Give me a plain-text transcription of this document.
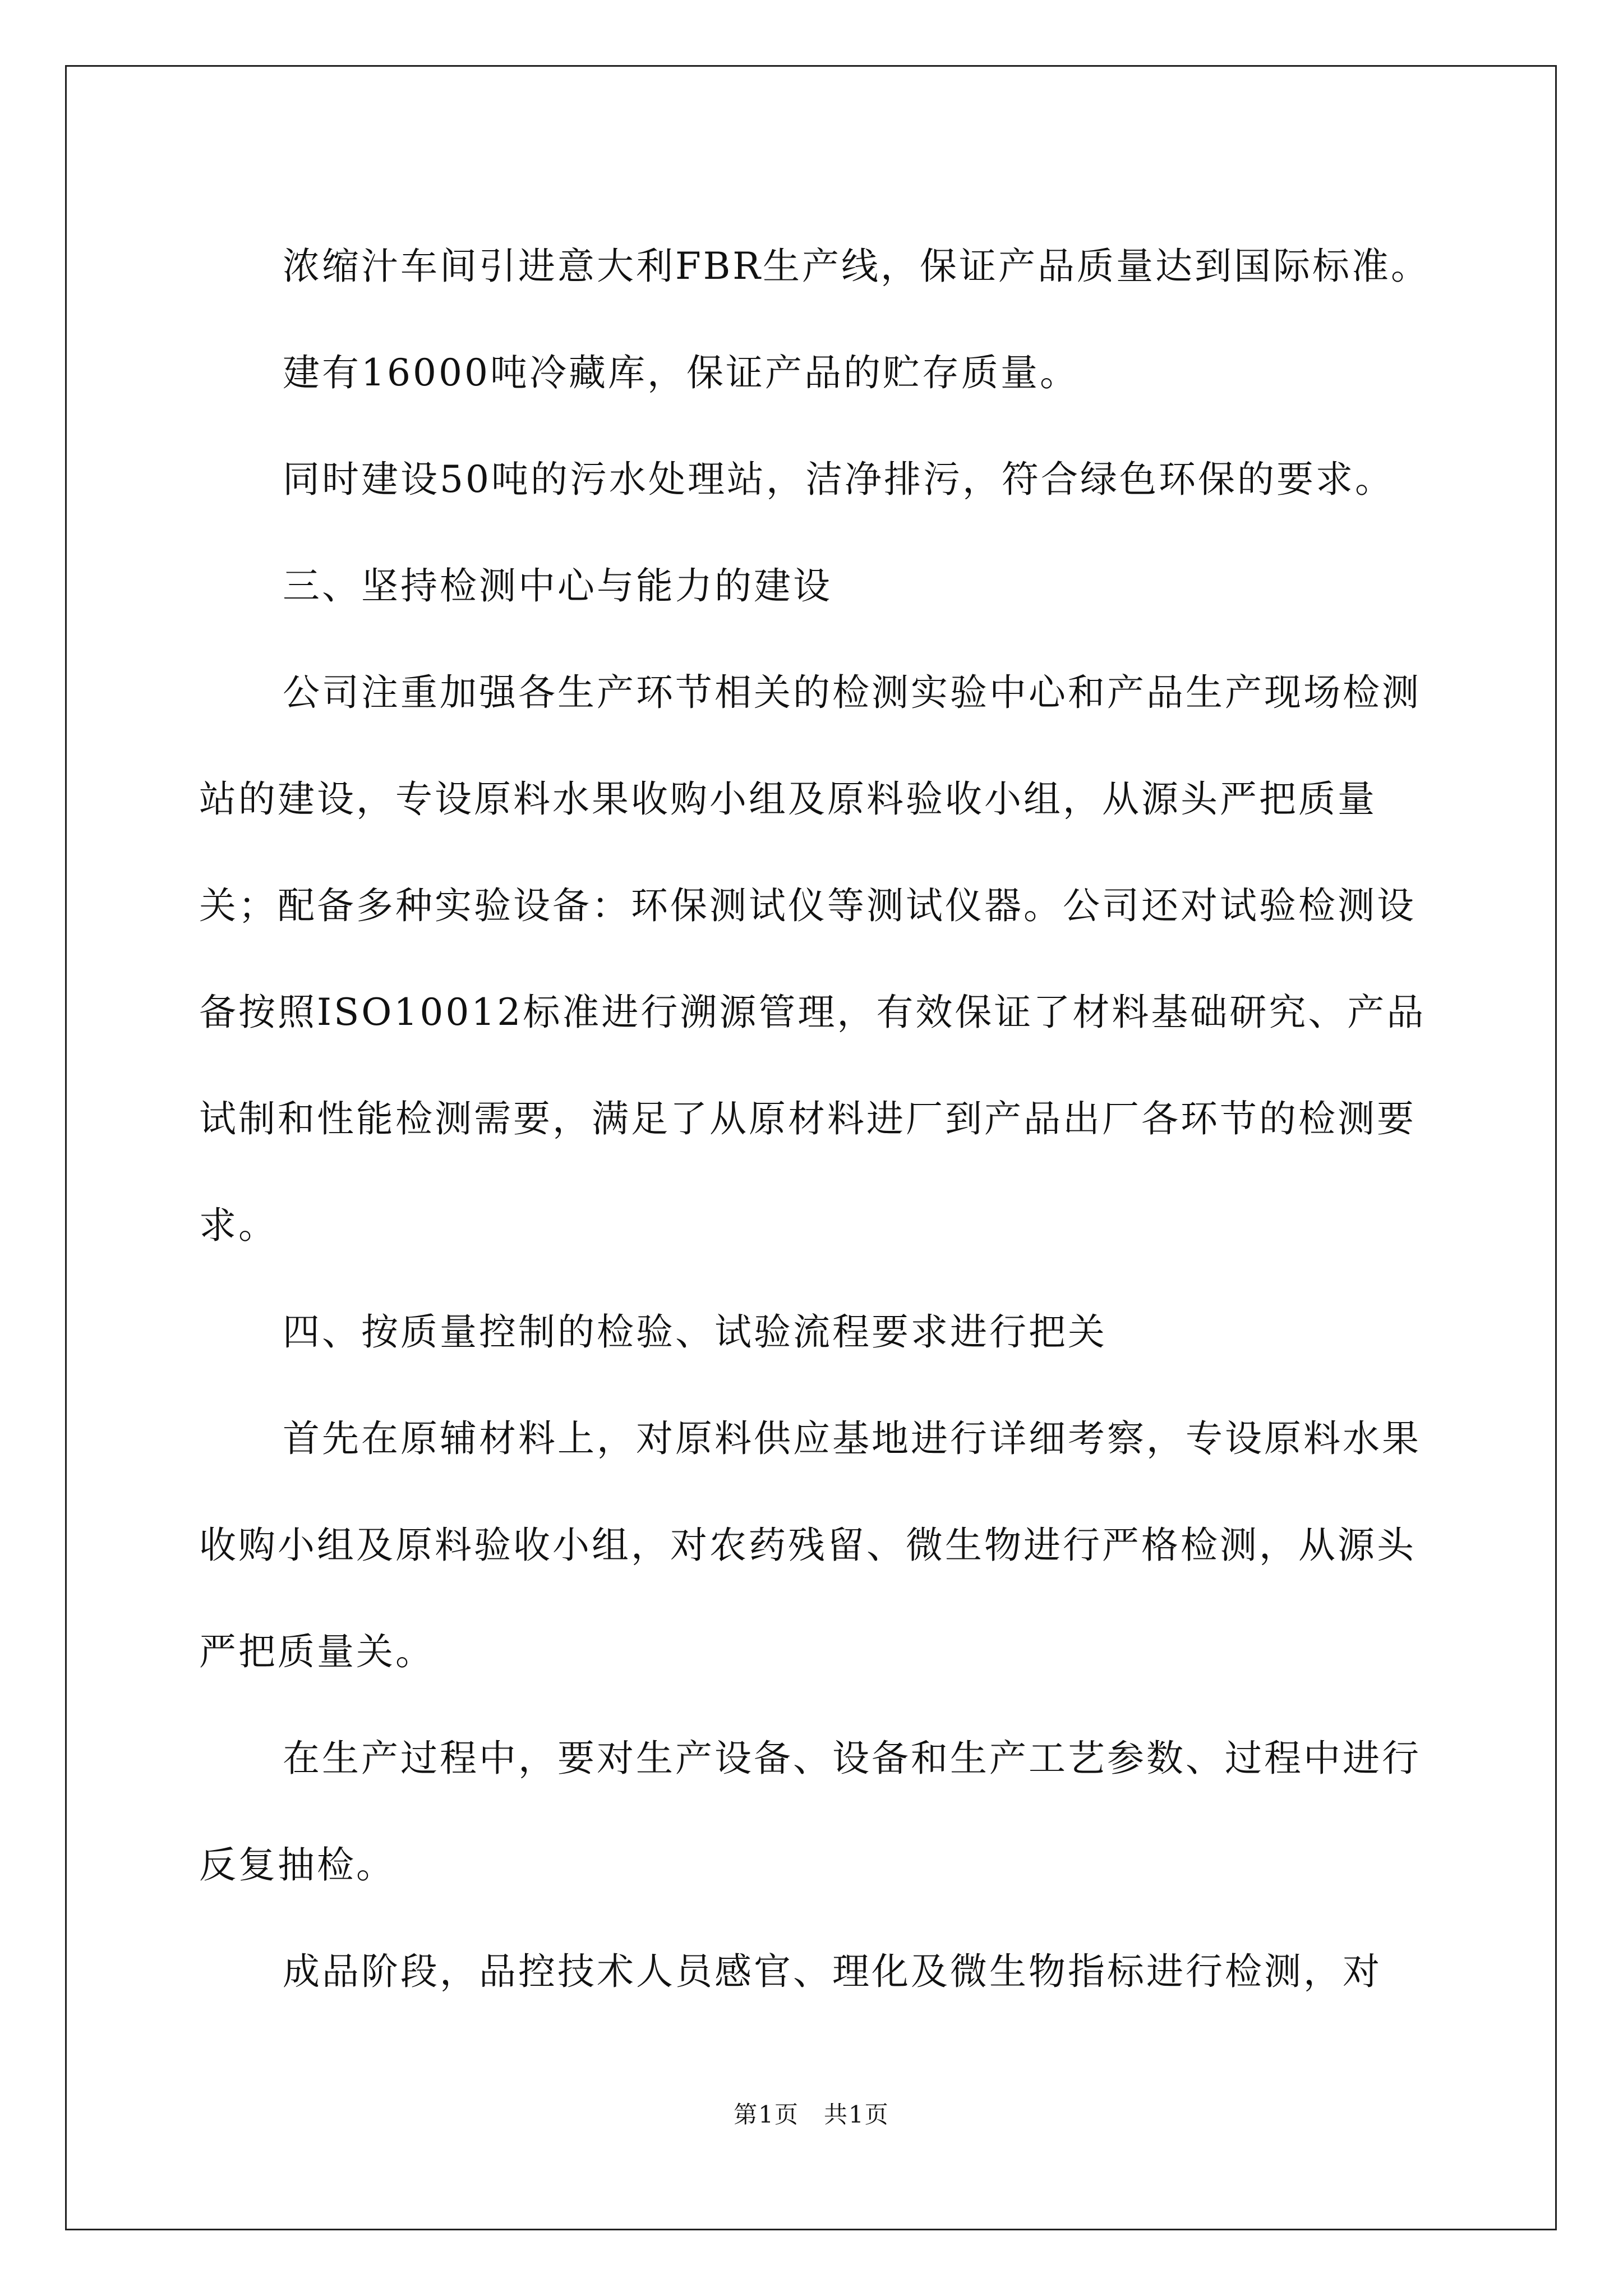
浓缩汁车间引进意大利FBR生产线，保证产品质量达到国际标准。

建有16000吨冷藏库，保证产品的贮存质量。

同时建设50吨的污水处理站，洁净排污，符合绿色环保的要求。

三、坚持检测中心与能力的建设

公司注重加强各生产环节相关的检测实验中心和产品生产现场检测站的建设，专设原料水果收购小组及原料验收小组，从源头严把质量关；配备多种实验设备：环保测试仪等测试仪器。公司还对试验检测设备按照ISO10012标准进行溯源管理，有效保证了材料基础研究、产品试制和性能检测需要，满足了从原材料进厂到产品出厂各环节的检测要求。

四、按质量控制的检验、试验流程要求进行把关

首先在原辅材料上，对原料供应基地进行详细考察，专设原料水果收购小组及原料验收小组，对农药残留、微生物进行严格检测，从源头严把质量关。

在生产过程中，要对生产设备、设备和生产工艺参数、过程中进行反复抽检。

成品阶段，品控技术人员感官、理化及微生物指标进行检测，对

第1页　共1页
